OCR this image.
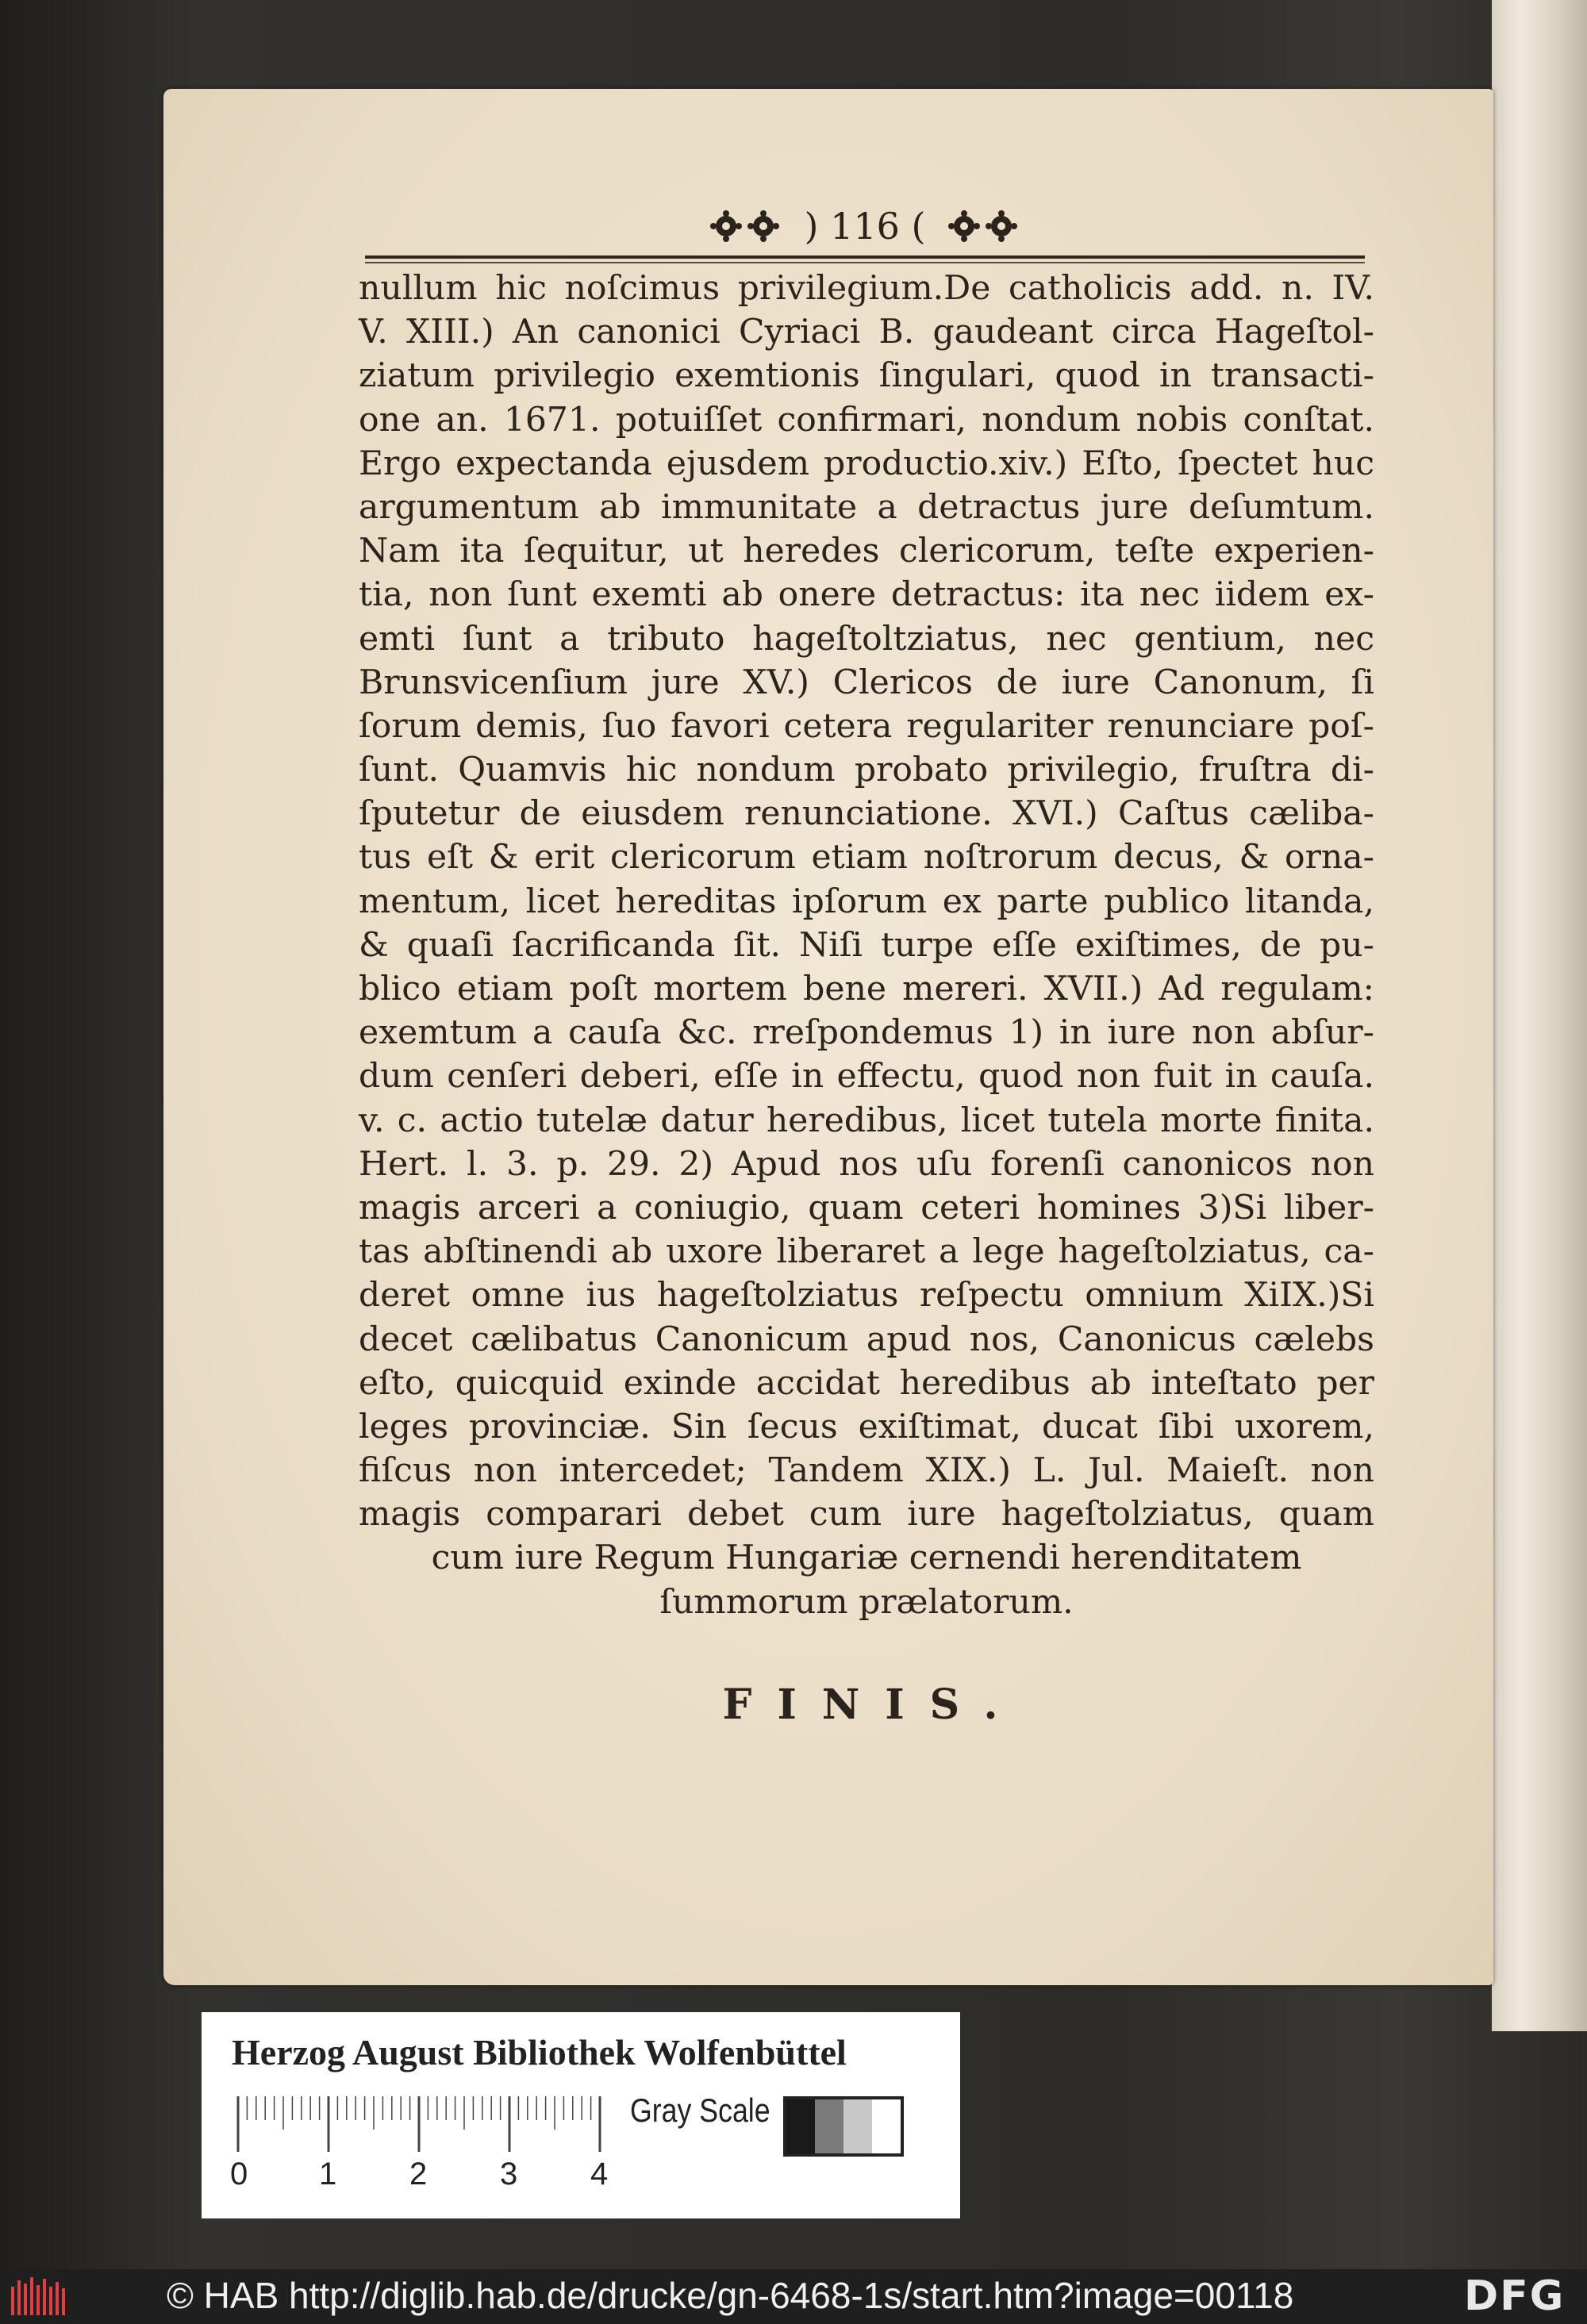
) 116 (
nullum hic noſcimus privilegium.De catholicis add. n. IV.
V. XIII.) An canonici Cyriaci B. gaudeant circa Hageſtol-
ziatum privilegio exemtionis ſingulari, quod in transacti-
one an. 1671. potuiſſet confirmari, nondum nobis conſtat.
Ergo expectanda ejusdem productio.xiv.) Eſto, ſpectet huc
argumentum ab immunitate a detractus jure deſumtum.
Nam ita ſequitur, ut heredes clericorum, teſte experien-
tia, non ſunt exemti ab onere detractus: ita nec iidem ex-
emti ſunt a tributo hageſtoltziatus, nec gentium, nec
Brunsvicenſium jure XV.) Clericos de iure Canonum, ſi
ſorum demis, ſuo favori cetera regulariter renunciare poſ-
ſunt. Quamvis hic nondum probato privilegio, fruſtra di-
ſputetur de eiusdem renunciatione. XVI.) Caſtus cælibа-
tus eſt & erit clericorum etiam noſtrorum decus, & orna-
mentum, licet hereditas ipſorum ex parte publico litanda,
& quaſi ſacrificanda ſit. Niſi turpe eſſe exiſtimes, de pu-
blico etiam poſt mortem bene mereri. XVII.) Ad regulam:
exemtum a cauſa &c. rreſpondemus 1) in iure non abſur-
dum cenſeri deberi, eſſe in effectu, quod non fuit in cauſa.
v. c. actio tutelæ datur heredibus, licet tutela morte finita.
Hert. l. 3. p. 29. 2) Apud nos uſu forenſi canonicos non
magis arceri a coniugio, quam ceteri homines 3)Si liber-
tas abſtinendi ab uxore liberaret a lege hageſtolziatus, ca-
deret omne ius hageſtolziatus reſpectu omnium XiIX.)Si
decet cælibatus Canonicum apud nos, Canonicus cælebs
eſto, quicquid exinde accidat heredibus ab inteſtato per
leges provinciæ. Sin ſecus exiſtimat, ducat ſibi uxorem,
fiſcus non intercedet; Tandem XIX.) L. Jul. Maieſt. non
magis comparari debet cum iure hageſtolziatus, quam
cum iure Regum Hungariæ cernendi herenditatem
ſummorum prælatorum.
FINIS.
Herzog August Bibliothek Wolfenbüttel
0 1 2 3 4
Gray Scale
© HAB http://diglib.hab.de/drucke/gn-6468-1s/start.htm?image=00118	DFG
